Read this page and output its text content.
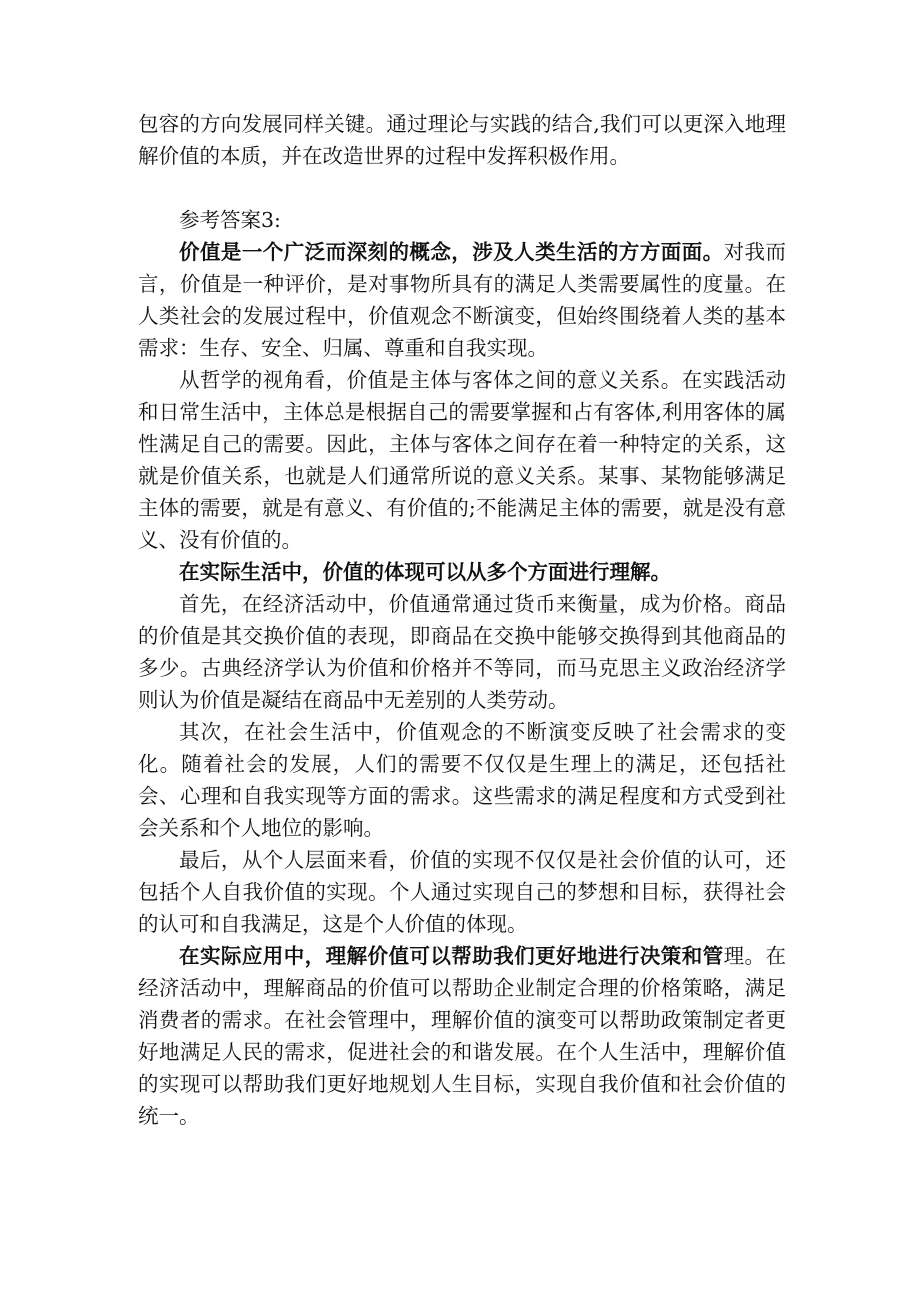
包容的方向发展同样关键。通过理论与实践的结合,我们可以更深入地理解价值的本质，并在改造世界的过程中发挥积极作用。

参考答案3:

价值是一个广泛而深刻的概念，涉及人类生活的方方面面。对我而言，价值是一种评价，是对事物所具有的满足人类需要属性的度量。在人类社会的发展过程中，价值观念不断演变，但始终围绕着人类的基本需求：生存、安全、归属、尊重和自我实现。

从哲学的视角看，价值是主体与客体之间的意义关系。在实践活动和日常生活中，主体总是根据自己的需要掌握和占有客体,利用客体的属性满足自己的需要。因此，主体与客体之间存在着一种特定的关系，这就是价值关系，也就是人们通常所说的意义关系。某事、某物能够满足主体的需要，就是有意义、有价值的;不能满足主体的需要，就是没有意义、没有价值的。

在实际生活中，价值的体现可以从多个方面进行理解。

首先，在经济活动中，价值通常通过货币来衡量，成为价格。商品的价值是其交换价值的表现，即商品在交换中能够交换得到其他商品的多少。古典经济学认为价值和价格并不等同，而马克思主义政治经济学则认为价值是凝结在商品中无差别的人类劳动。

其次，在社会生活中，价值观念的不断演变反映了社会需求的变化。随着社会的发展，人们的需要不仅仅是生理上的满足，还包括社会、心理和自我实现等方面的需求。这些需求的满足程度和方式受到社会关系和个人地位的影响。

最后，从个人层面来看，价值的实现不仅仅是社会价值的认可，还包括个人自我价值的实现。个人通过实现自己的梦想和目标，获得社会的认可和自我满足，这是个人价值的体现。

在实际应用中，理解价值可以帮助我们更好地进行决策和管理。在经济活动中，理解商品的价值可以帮助企业制定合理的价格策略，满足消费者的需求。在社会管理中，理解价值的演变可以帮助政策制定者更好地满足人民的需求，促进社会的和谐发展。在个人生活中，理解价值的实现可以帮助我们更好地规划人生目标，实现自我价值和社会价值的统一。
